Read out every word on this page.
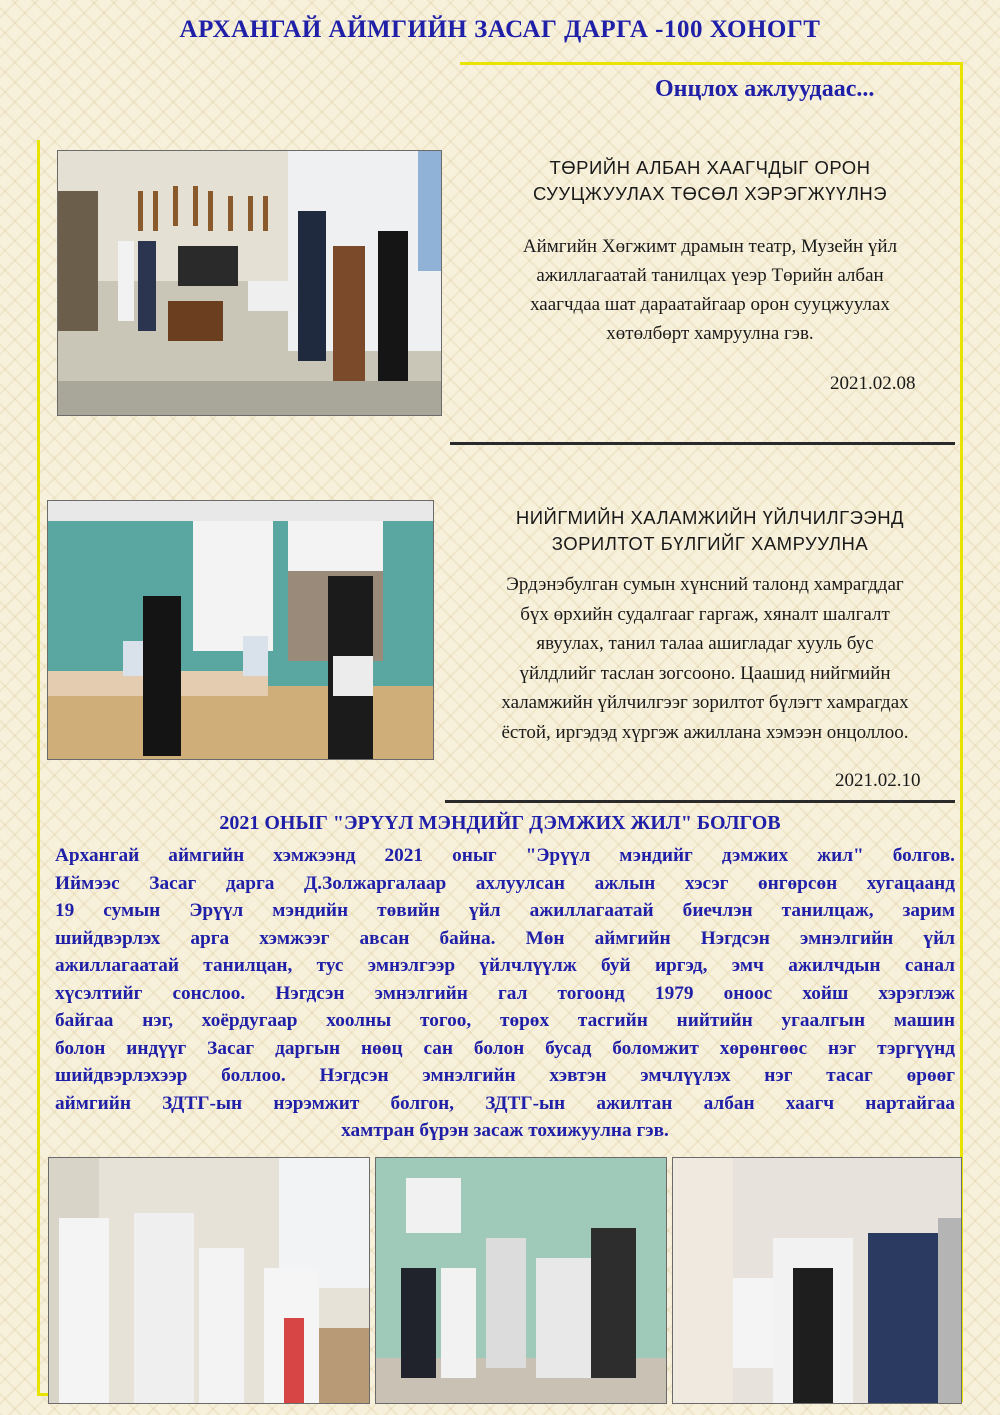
АРХАНГАЙ АЙМГИЙН ЗАСАГ ДАРГА -100 ХОНОГТ
Онцлох ажлуудаас...
ТӨРИЙН АЛБАН ХААГЧДЫГ ОРОН
СУУЦЖУУЛАХ ТӨСӨЛ ХЭРЭГЖҮҮЛНЭ
Аймгийн Хөгжимт драмын театр, Музейн үйл
ажиллагаатай танилцах үеэр Төрийн албан
хаагчдаа шат дараатайгаар орон сууцжуулах
хөтөлбөрт хамруулна гэв.
2021.02.08
НИЙГМИЙН ХАЛАМЖИЙН ҮЙЛЧИЛГЭЭНД
ЗОРИЛТОТ БҮЛГИЙГ ХАМРУУЛНА
Эрдэнэбулган сумын хүнсний талонд хамрагддаг
бүх өрхийн судалгааг гаргаж, хяналт шалгалт
явуулах, танил талаа ашигладаг хууль бус
үйлдлийг таслан зогсооно. Цаашид нийгмийн
халамжийн үйлчилгээг зорилтот бүлэгт хамрагдах
ёстой, иргэдэд хүргэж ажиллана хэмээн онцоллоо.
2021.02.10
2021 ОНЫГ "ЭРҮҮЛ МЭНДИЙГ ДЭМЖИХ ЖИЛ" БОЛГОВ
Архангай аймгийн хэмжээнд 2021 оныг "Эрүүл мэндийг дэмжих жил" болгов.
Иймээс Засаг дарга Д.Золжаргалаар ахлуулсан ажлын хэсэг өнгөрсөн хугацаанд
19 сумын Эрүүл мэндийн төвийн үйл ажиллагаатай биечлэн танилцаж, зарим
шийдвэрлэх арга хэмжээг авсан байна. Мөн аймгийн Нэгдсэн эмнэлгийн үйл
ажиллагаатай танилцан, тус эмнэлгээр үйлчлүүлж буй иргэд, эмч ажилчдын санал
хүсэлтийг сонслоо. Нэгдсэн эмнэлгийн гал тогоонд 1979 оноос хойш хэрэглэж
байгаа нэг, хоёрдугаар хоолны тогоо, төрөх тасгийн нийтийн угаалгын машин
болон индүүг Засаг даргын нөөц сан болон бусад боломжит хөрөнгөөс нэг тэргүүнд
шийдвэрлэхээр боллоо. Нэгдсэн эмнэлгийн хэвтэн эмчлүүлэх нэг тасаг өрөөг
аймгийн ЗДТГ-ын нэрэмжит болгон, ЗДТГ-ын ажилтан албан хаагч нартайгаа
хамтран бүрэн засаж тохижуулна гэв.
